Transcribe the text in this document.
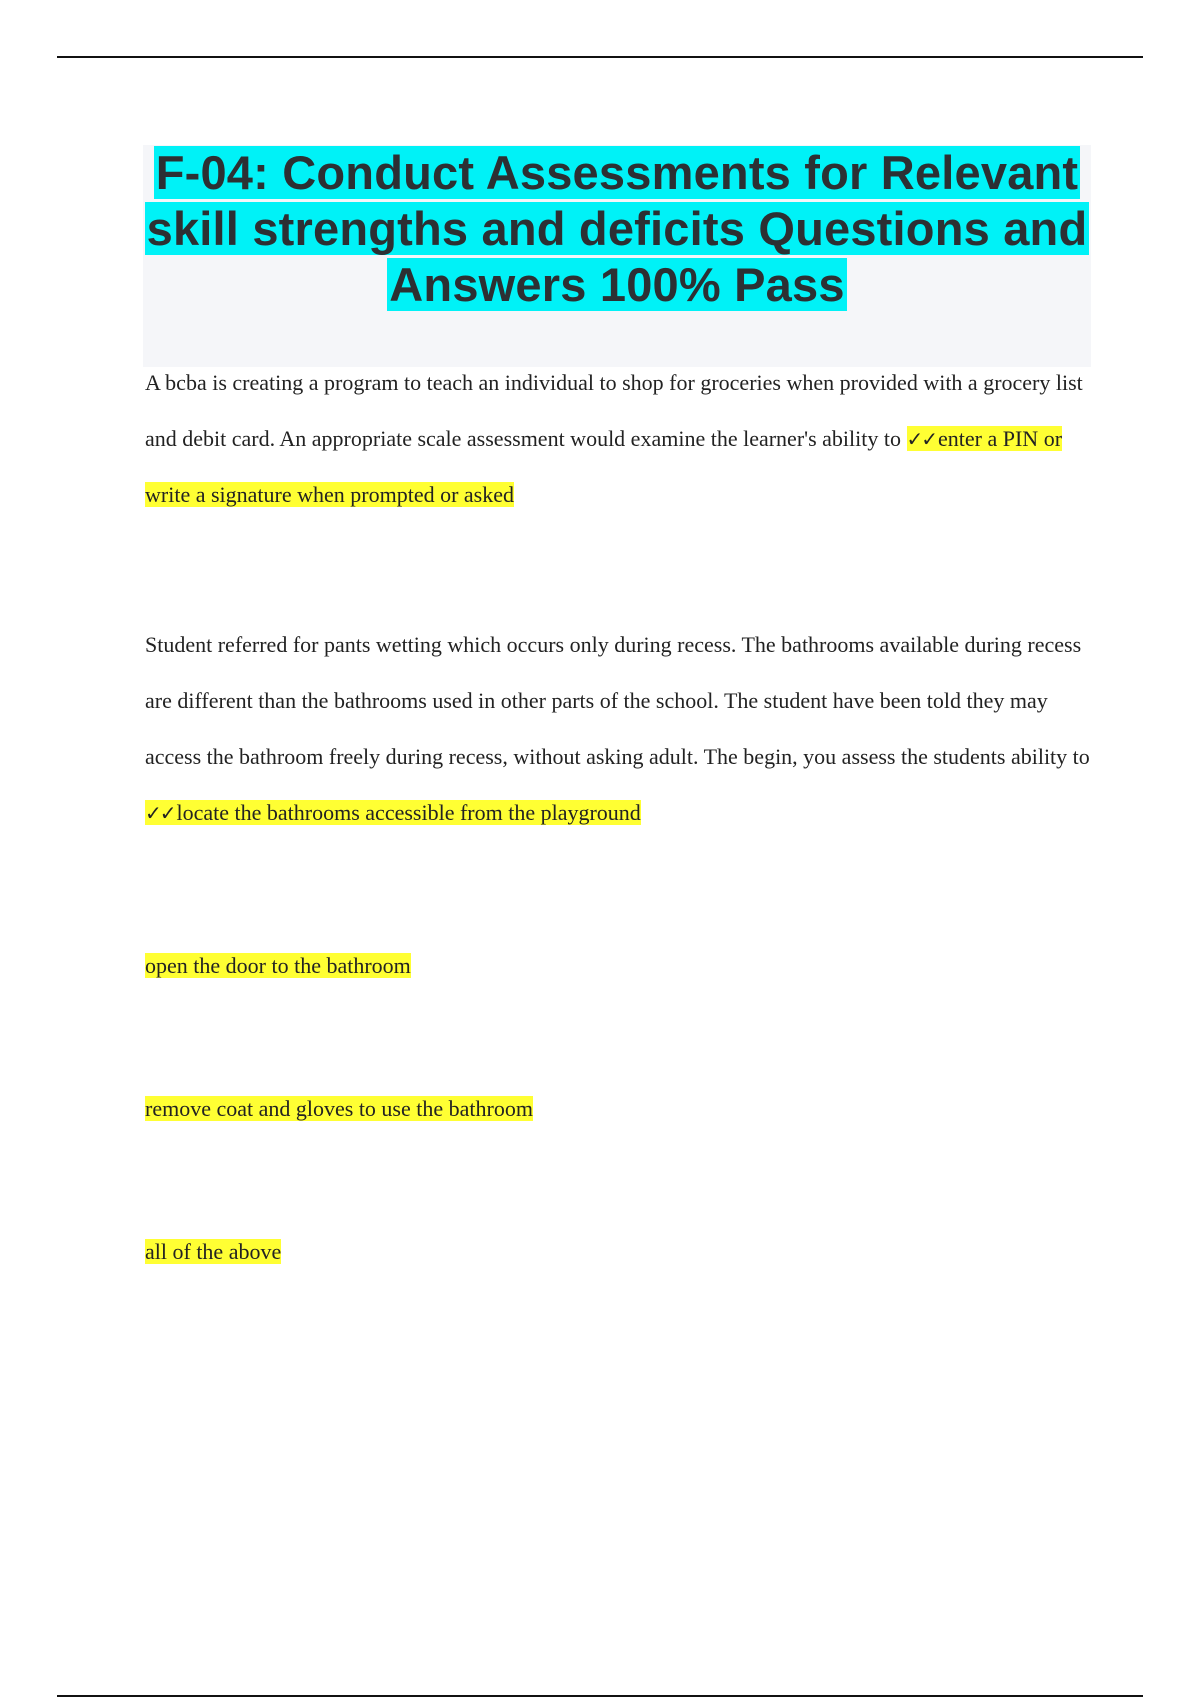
F-04: Conduct Assessments for Relevant skill strengths and deficits Questions and Answers 100% Pass

A bcba is creating a program to teach an individual to shop for groceries when provided with a grocery list and debit card. An appropriate scale assessment would examine the learner's ability to ✓✓enter a PIN or write a signature when prompted or asked

Student referred for pants wetting which occurs only during recess. The bathrooms available during recess are different than the bathrooms used in other parts of the school. The student have been told they may access the bathroom freely during recess, without asking adult. The begin, you assess the students ability to ✓✓locate the bathrooms accessible from the playground

open the door to the bathroom

remove coat and gloves to use the bathroom

all of the above
